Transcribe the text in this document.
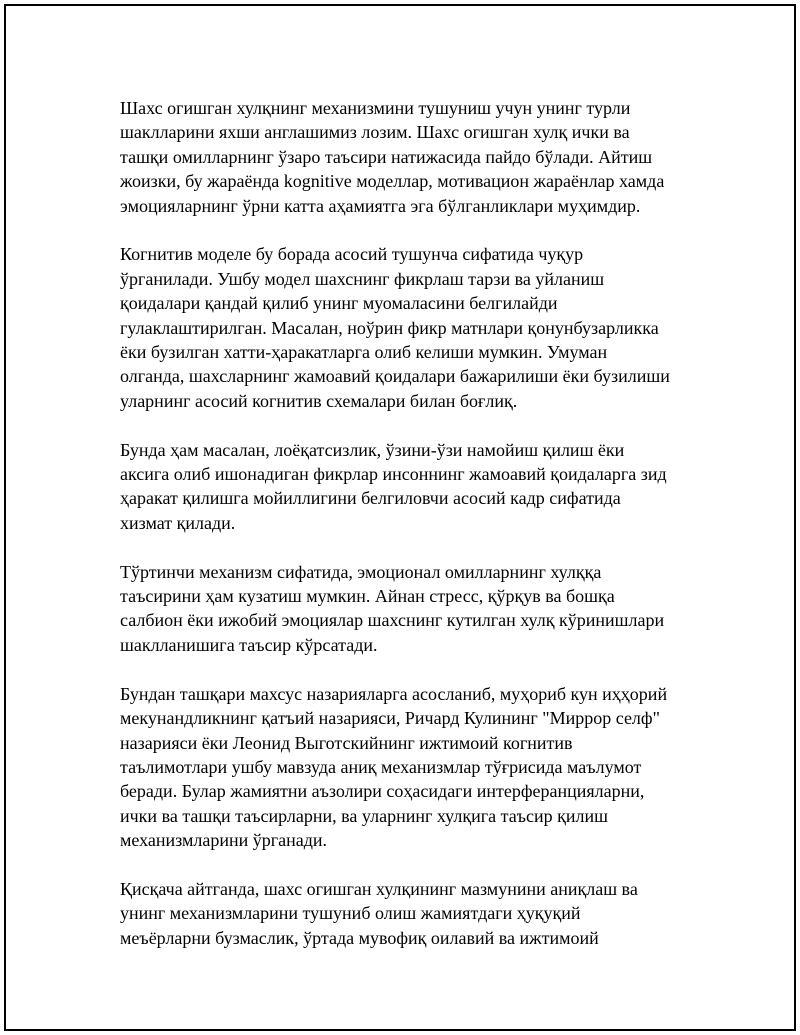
Шахс огишган хулқнинг механизмини тушуниш учун унинг турли
шаклларини яхши англашимиз лозим. Шахс огишган хулқ ички ва
ташқи омилларнинг ўзаро таъсири натижасида пайдо бўлади. Айтиш
жоизки, бу жараёнда kognitive моделлар, мотивацион жараёнлар хамда
эмоцияларнинг ўрни катта аҳамиятга эга бўлганликлари муҳимдир.

Когнитив моделе бу борада асосий тушунча сифатида чуқур
ўрганилади. Ушбу модел шахснинг фикрлаш тарзи ва уйланиш
қоидалари қандай қилиб унинг муомаласини белгилайди
гулаклаштирилган. Масалан, ноўрин фикр матнлари қонунбузарликка
ёки бузилган хатти-ҳаракатларга олиб келиши мумкин. Умуман
олганда, шахсларнинг жамоавий қоидалари бажарилиши ёки бузилиши
уларнинг асосий когнитив схемалари билан боғлиқ.

Бунда ҳам масалан, лоёқатсизлик, ўзини-ўзи намойиш қилиш ёки
аксига олиб ишонадиган фикрлар инсоннинг жамоавий қоидаларга зид
ҳаракат қилишга мойиллигини белгиловчи асосий кадр сифатида
хизмат қилади.

Тўртинчи механизм сифатида, эмоционал омилларнинг хулққа
таъсирини ҳам кузатиш мумкин. Айнан стресс, қўрқув ва бошқа
салбион ёки ижобий эмоциялар шахснинг кутилган хулқ кўринишлари
шаклланишига таъсир кўрсатади.

Бундан ташқари махсус назарияларга асосланиб, муҳориб кун иҳҳорий
мекунандликнинг қатъий назарияси, Ричард Кулининг "Миррор селф"
назарияси ёки Леонид Выготскийнинг ижтимоий когнитив
таълимотлари ушбу мавзуда аниқ механизмлар тўғрисида маълумот
беради. Булар жамиятни аъзолири соҳасидаги интерферанцияларни,
ички ва ташқи таъсирларни, ва уларнинг хулқига таъсир қилиш
механизмларини ўрганади.

Қисқача айтганда, шахс огишган хулқининг мазмунини аниқлаш ва
унинг механизмларини тушуниб олиш жамиятдаги ҳуқуқий
меъёрларни бузмаслик, ўртада мувофиқ оилавий ва ижтимоий
